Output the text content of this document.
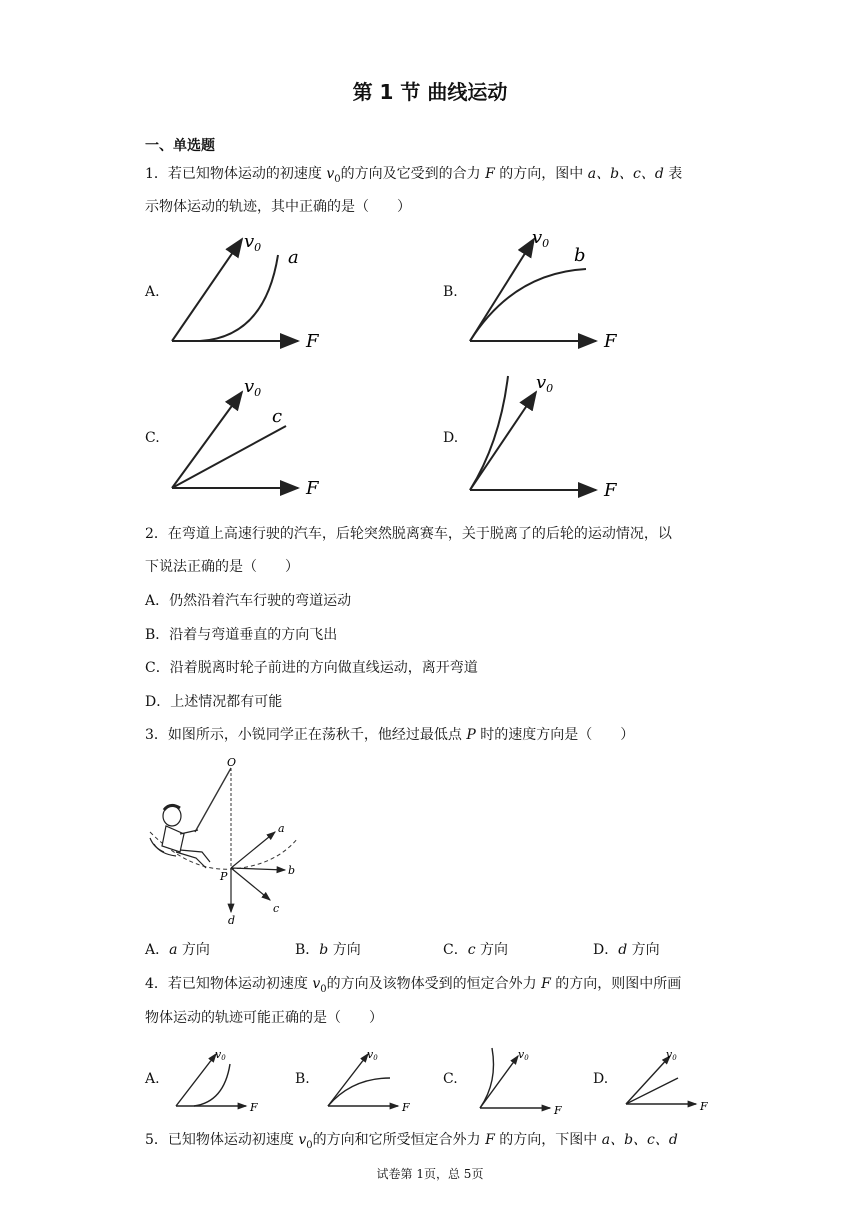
第 1 节 曲线运动
一、单选题
1．若已知物体运动的初速度 $v_0$的方向及它受到的合力 F 的方向，图中 a、b、c、d 表
示物体运动的轨迹，其中正确的是（　　）
A.	B.
C.	D.
$v_0$ a
F
$v_0$
b
F
$v_0$
c
F
$v_0$
F
2．在弯道上高速行驶的汽车，后轮突然脱离赛车，关于脱离了的后轮的运动情况，以
下说法正确的是（　　）
A．仍然沿着汽车行驶的弯道运动
B．沿着与弯道垂直的方向飞出
C．沿着脱离时轮子前进的方向做直线运动，离开弯道
D．上述情况都有可能
3．如图所示，小锐同学正在荡秋千，他经过最低点 P 时的速度方向是（　　）
O
P
a
b
c
d
A．a 方向	B．b 方向	C．c 方向	D．d 方向
4．若已知物体运动初速度 $v_0$的方向及该物体受到的恒定合外力 F 的方向，则图中所画
物体运动的轨迹可能正确的是（　　）
A.	B.	C.	D.
v0
F
v0
F
v0
F
v0
F
5．已知物体运动初速度 $v_0$的方向和它所受恒定合外力 F 的方向，下图中 a、b、c、d
试卷第 1页，总 5页
